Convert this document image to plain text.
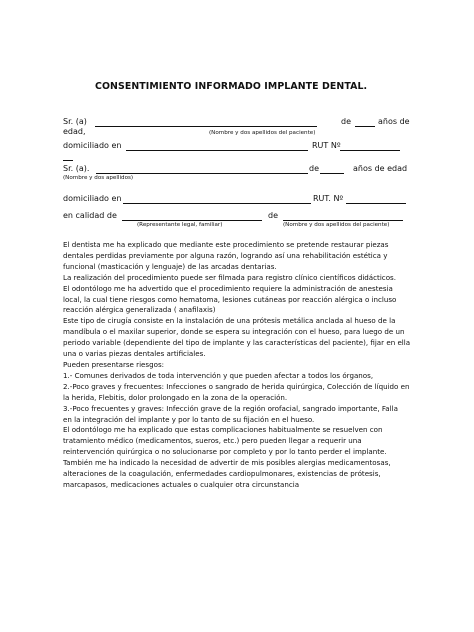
CONSENTIMIENTO INFORMADO IMPLANTE DENTAL.
Sr. (a)	de	años de
edad,	(Nombre y dos apellidos del paciente)
domiciliado en	RUT Nº
Sr. (a).	de	años de edad
(Nombre y dos apellidos)
domiciliado en	RUT. Nº
en calidad de	de
(Representante legal, familiar)	(Nombre y dos apellidos del paciente)

El dentista me ha explicado que mediante este procedimiento se pretende restaurar piezas

dentales perdidas previamente por alguna razón, logrando así una rehabilitación estética y

funcional (masticación y lenguaje) de las arcadas dentarias.

La realización del procedimiento puede ser filmada para registro clínico científicos didácticos.

El odontólogo me ha advertido que el procedimiento requiere la administración de anestesia

local, la cual tiene riesgos como hematoma, lesiones cutáneas por reacción alérgica o incluso

reacción alérgica generalizada ( anafilaxis)

Este tipo de cirugía consiste en la instalación de una prótesis metálica anclada al hueso de la

mandíbula o el maxilar superior, donde se espera su integración con el hueso, para luego de un

periodo variable (dependiente del tipo de implante y las características del paciente), fijar en ella

una o varias piezas dentales artificiales.

Pueden presentarse riesgos:

1.- Comunes derivados de toda intervención y que pueden afectar a todos los órganos,

2.-Poco graves y frecuentes: Infecciones o sangrado de herida quirúrgica, Colección de líquido en

la herida, Flebitis, dolor prolongado en la zona de la operación.

3.-Poco frecuentes y graves: Infección grave de la región orofacial, sangrado importante, Falla

en la integración del implante y por lo tanto de su fijación en el hueso.

El odontólogo me ha explicado que estas complicaciones habitualmente se resuelven con

tratamiento médico (medicamentos, sueros, etc.) pero pueden llegar a requerir una

reintervención quirúrgica o no solucionarse por completo y por lo tanto perder el implante.

También me ha indicado la necesidad de advertir de mis posibles alergias medicamentosas,

alteraciones de la coagulación, enfermedades cardiopulmonares, existencias de prótesis,

marcapasos, medicaciones actuales o cualquier otra circunstancia
